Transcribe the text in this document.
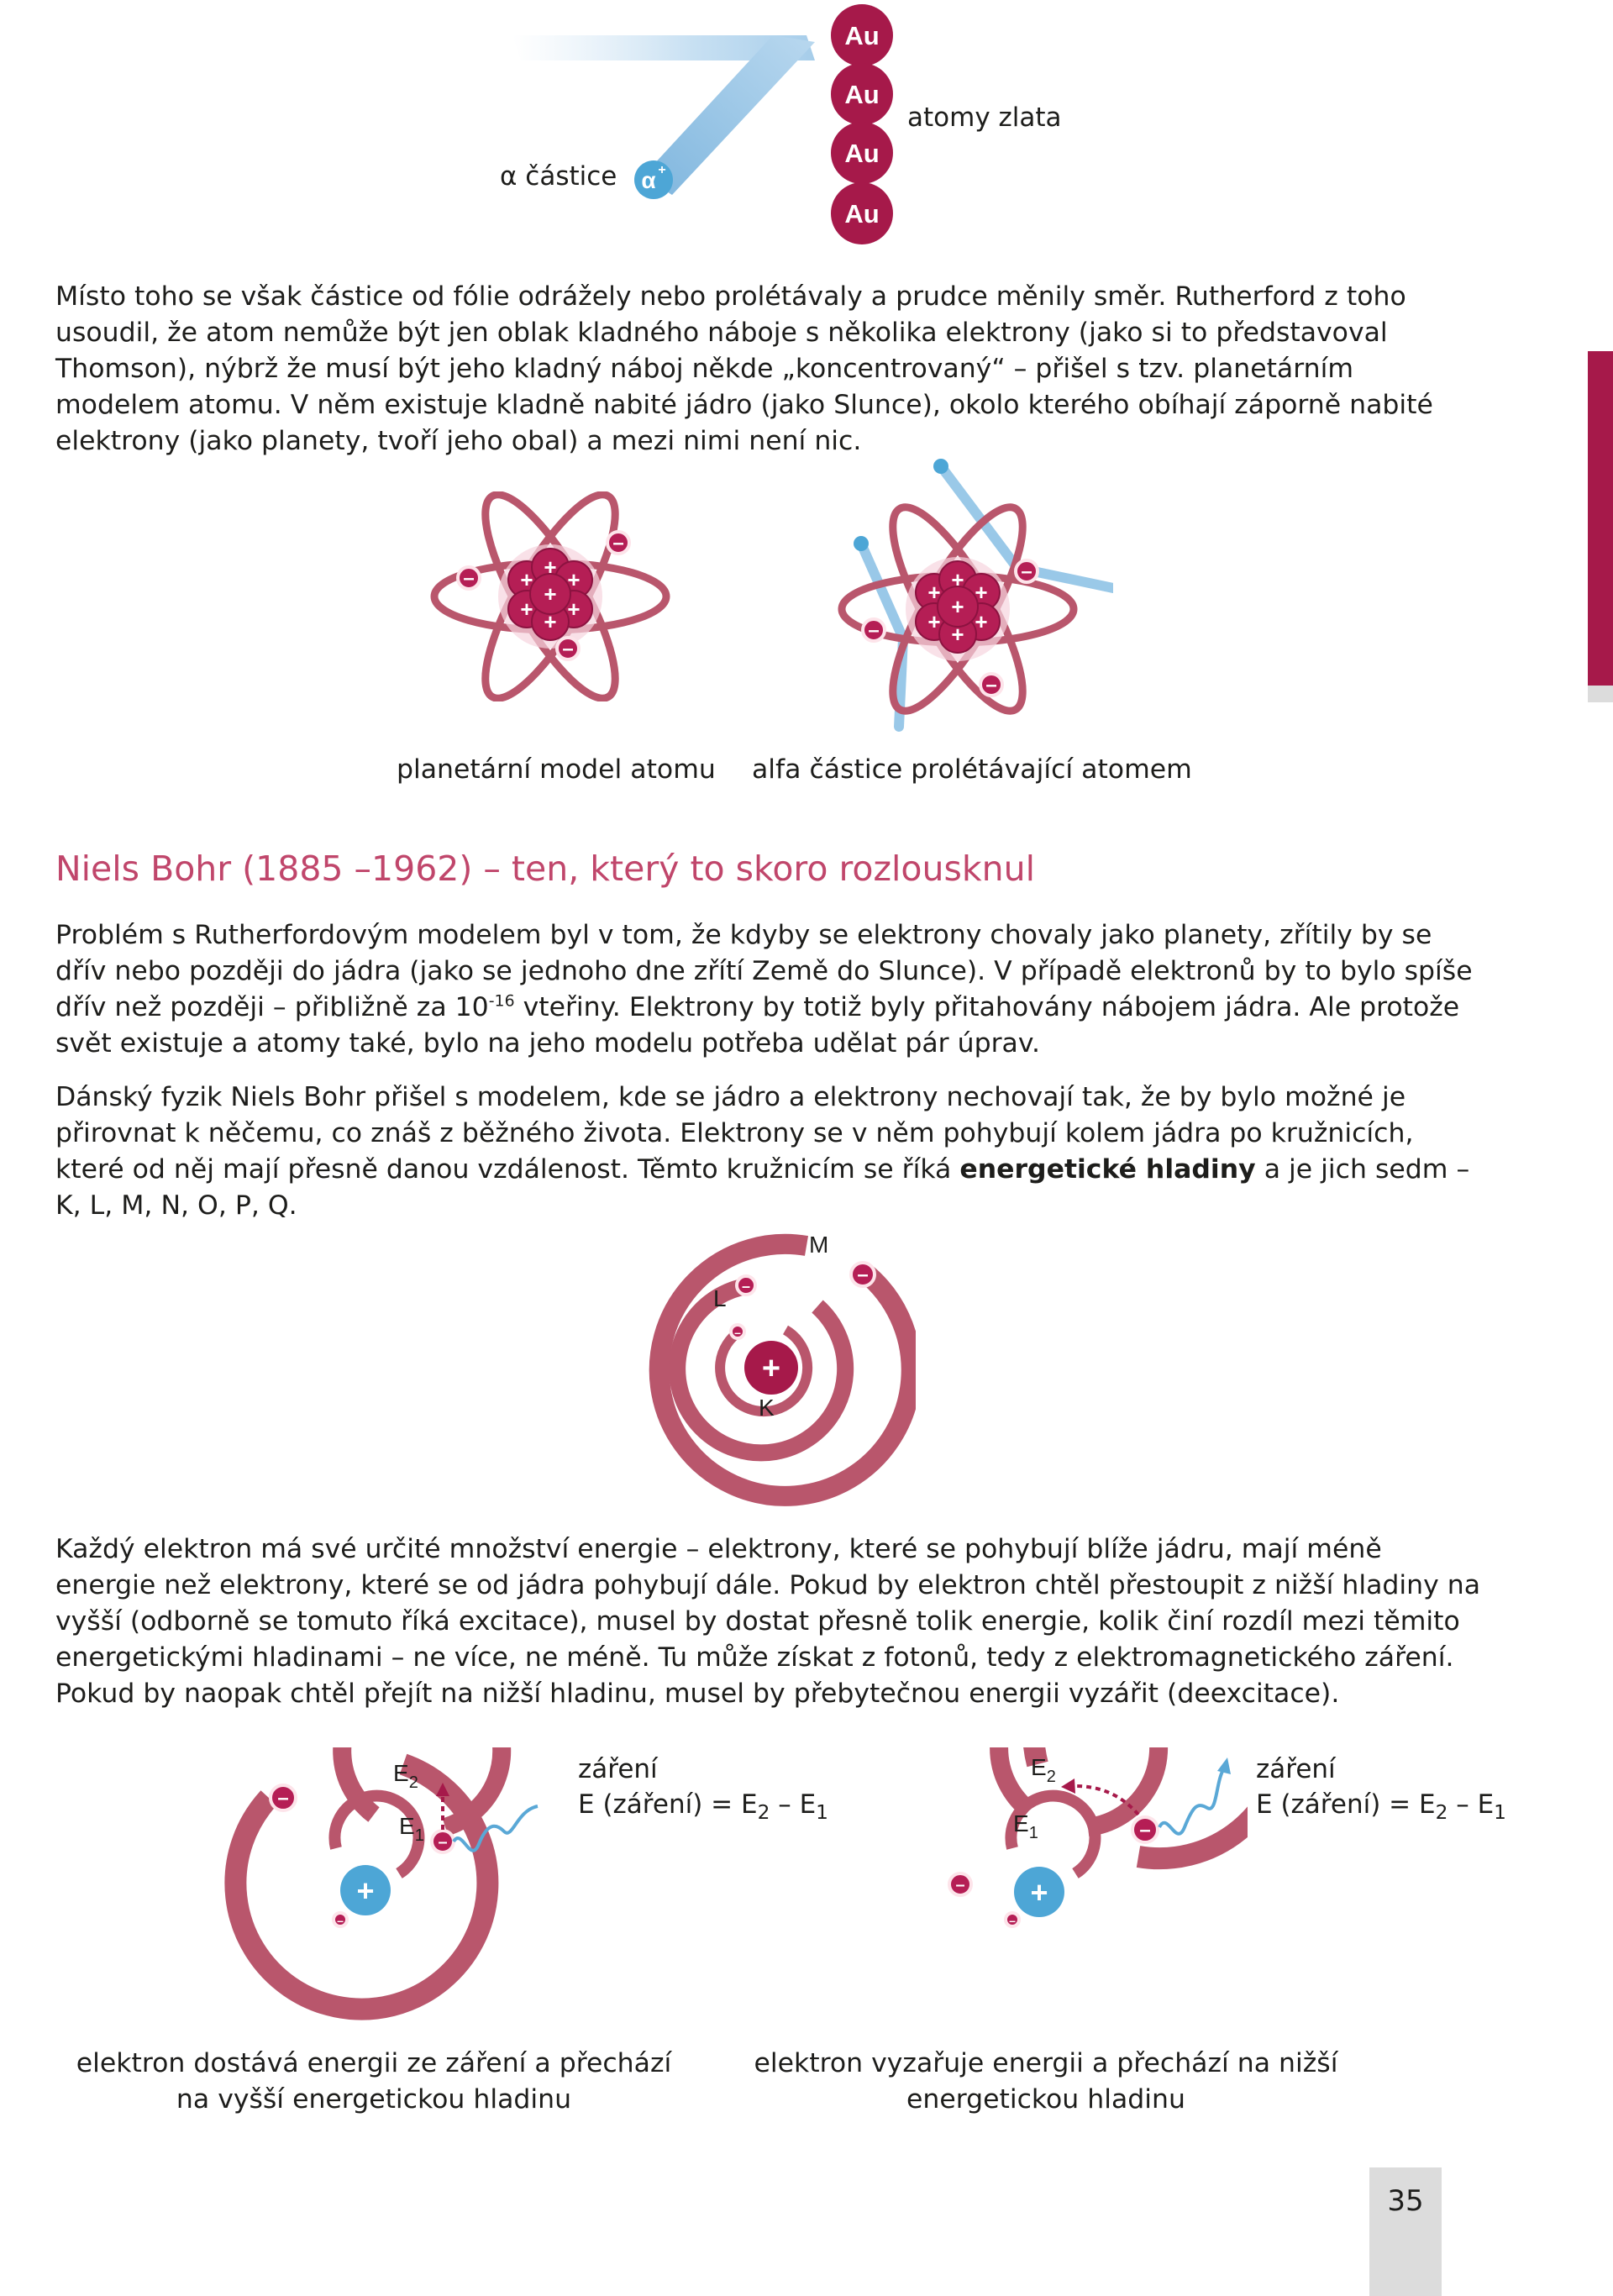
α +
Au
Au
Au
Au
α částice
atomy zlata

Místo toho se však částice od fólie odrážely nebo prolétávaly a prudce měnily směr. Rutherford z toho usoudil, že atom nemůže být jen oblak kladného náboje s několika elektrony (jako si to představoval Thomson), nýbrž že musí být jeho kladný náboj někde „koncentrovaný“ – přišel s tzv. planetárním modelem atomu. V něm existuje kladně nabité jádro (jako Slunce), okolo kterého obíhají záporně nabité elektrony (jako planety, tvoří jeho obal) a mezi nimi není nic.

+ + +
+ +
+
+
–
–
–
+ + +
+ +
+
+
–
–
–
planetární model atomu alfa částice prolétávající atomem
Niels Bohr (1885 –1962) – ten, který to skoro rozlousknul

Problém s Rutherfordovým modelem byl v tom, že kdyby se elektrony chovaly jako planety, zřítily by se dřív nebo později do jádra (jako se jednoho dne zřítí Země do Slunce). V případě elektronů by to bylo spíše dřív než později – přibližně za $10^{-16}$ vteřiny. Elektrony by totiž byly přitahovány nábojem jádra. Ale protože svět existuje a atomy také, bylo na jeho modelu potřeba udělat pár úprav.

Dánský fyzik Niels Bohr přišel s modelem, kde se jádro a elektrony nechovají tak, že by bylo možné je přirovnat k něčemu, co znáš z běžného života. Elektrony se v něm pohybují kolem jádra po kružnicích, které od něj mají přesně danou vzdálenost. Těmto kružnicím se říká energetické hladiny a je jich sedm – K, L, M, N, O, P, Q.

+
–
–
–
M
L
K

Každý elektron má své určité množství energie – elektrony, které se pohybují blíže jádru, mají méně energie než elektrony, které se od jádra pohybují dále. Pokud by elektron chtěl přestoupit z nižší hladiny na vyšší (odborně se tomuto říká excitace), musel by dostat přesně tolik energie, kolik činí rozdíl mezi těmito energetickými hladinami – ne více, ne méně. Tu může získat z fotonů, tedy z elektromagnetického záření. Pokud by naopak chtěl přejít na nižší hladinu, musel by přebytečnou energii vyzářit (deexcitace).

+
–
–
–
$E_2$
$E_1$
záření
E (záření) = $E_2 - E_1$
elektron dostává energii ze záření a přechází
na vyšší energetickou hladinu
+
–
–
–
$E_2$
$E_1$
záření
E (záření) = $E_2 - E_1$
elektron vyzařuje energii a přechází na nižší
energetickou hladinu
35
